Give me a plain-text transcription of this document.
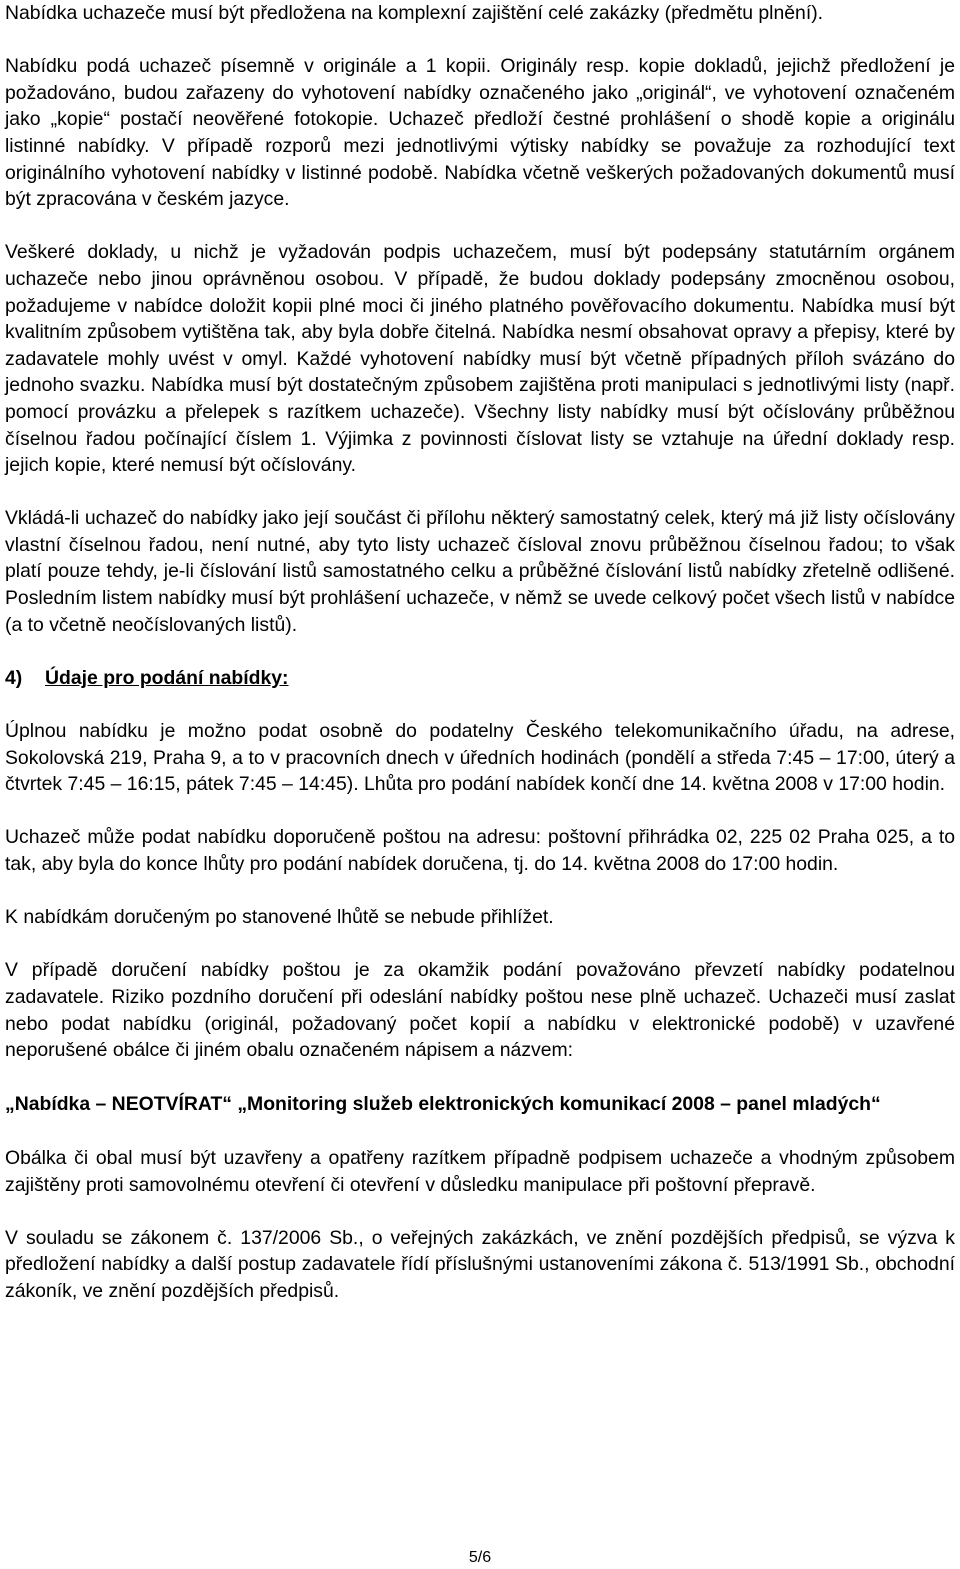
Nabídka uchazeče musí být předložena na komplexní zajištění celé zakázky (předmětu plnění).

Nabídku podá uchazeč písemně v originále a 1 kopii. Originály resp. kopie dokladů, jejichž předložení je požadováno, budou zařazeny do vyhotovení nabídky označeného jako „originál“, ve vyhotovení označeném jako „kopie“ postačí neověřené fotokopie. Uchazeč předloží čestné prohlášení o shodě kopie a originálu listinné nabídky. V případě rozporů mezi jednotlivými výtisky nabídky se považuje za rozhodující text originálního vyhotovení nabídky v listinné podobě. Nabídka včetně veškerých požadovaných dokumentů musí být zpracována v českém jazyce.

Veškeré doklady, u nichž je vyžadován podpis uchazečem, musí být podepsány statutárním orgánem uchazeče nebo jinou oprávněnou osobou. V případě, že budou doklady podepsány zmocněnou osobou, požadujeme v nabídce doložit kopii plné moci či jiného platného pověřovacího dokumentu. Nabídka musí být kvalitním způsobem vytištěna tak, aby byla dobře čitelná. Nabídka nesmí obsahovat opravy a přepisy, které by zadavatele mohly uvést v omyl. Každé vyhotovení nabídky musí být včetně případných příloh svázáno do jednoho svazku. Nabídka musí být dostatečným způsobem zajištěna proti manipulaci s jednotlivými listy (např. pomocí provázku a přelepek s razítkem uchazeče). Všechny listy nabídky musí být očíslovány průběžnou číselnou řadou počínající číslem 1. Výjimka z povinnosti číslovat listy se vztahuje na úřední doklady resp. jejich kopie, které nemusí být očíslovány.

Vkládá-li uchazeč do nabídky jako její součást či přílohu některý samostatný celek, který má již listy očíslovány vlastní číselnou řadou, není nutné, aby tyto listy uchazeč čísloval znovu průběžnou číselnou řadou; to však platí pouze tehdy, je-li číslování listů samostatného celku a průběžné číslování listů nabídky zřetelně odlišené. Posledním listem nabídky musí být prohlášení uchazeče, v němž se uvede celkový počet všech listů v nabídce (a to včetně neočíslovaných listů).

4) Údaje pro podání nabídky:

Úplnou nabídku je možno podat osobně do podatelny Českého telekomunikačního úřadu, na adrese, Sokolovská 219, Praha 9, a to v pracovních dnech v úředních hodinách (pondělí a středa 7:45 – 17:00, úterý a čtvrtek 7:45 – 16:15, pátek 7:45 – 14:45). Lhůta pro podání nabídek končí dne 14. května 2008 v 17:00 hodin.

Uchazeč může podat nabídku doporučeně poštou na adresu: poštovní přihrádka 02, 225 02 Praha 025, a to tak, aby byla do konce lhůty pro podání nabídek doručena, tj. do 14. května 2008 do 17:00 hodin.

K nabídkám doručeným po stanovené lhůtě se nebude přihlížet.

V případě doručení nabídky poštou je za okamžik podání považováno převzetí nabídky podatelnou zadavatele. Riziko pozdního doručení při odeslání nabídky poštou nese plně uchazeč. Uchazeči musí zaslat nebo podat nabídku (originál, požadovaný počet kopií a nabídku v elektronické podobě) v uzavřené neporušené obálce či jiném obalu označeném nápisem a názvem:

„Nabídka – NEOTVÍRAT“ „Monitoring služeb elektronických komunikací 2008 – panel mladých“

Obálka či obal musí být uzavřeny a opatřeny razítkem případně podpisem uchazeče a vhodným způsobem zajištěny proti samovolnému otevření či otevření v důsledku manipulace při poštovní přepravě.

V souladu se zákonem č. 137/2006 Sb., o veřejných zakázkách, ve znění pozdějších předpisů, se výzva k předložení nabídky a další postup zadavatele řídí příslušnými ustanoveními zákona č. 513/1991 Sb., obchodní zákoník, ve znění pozdějších předpisů.

5/6
